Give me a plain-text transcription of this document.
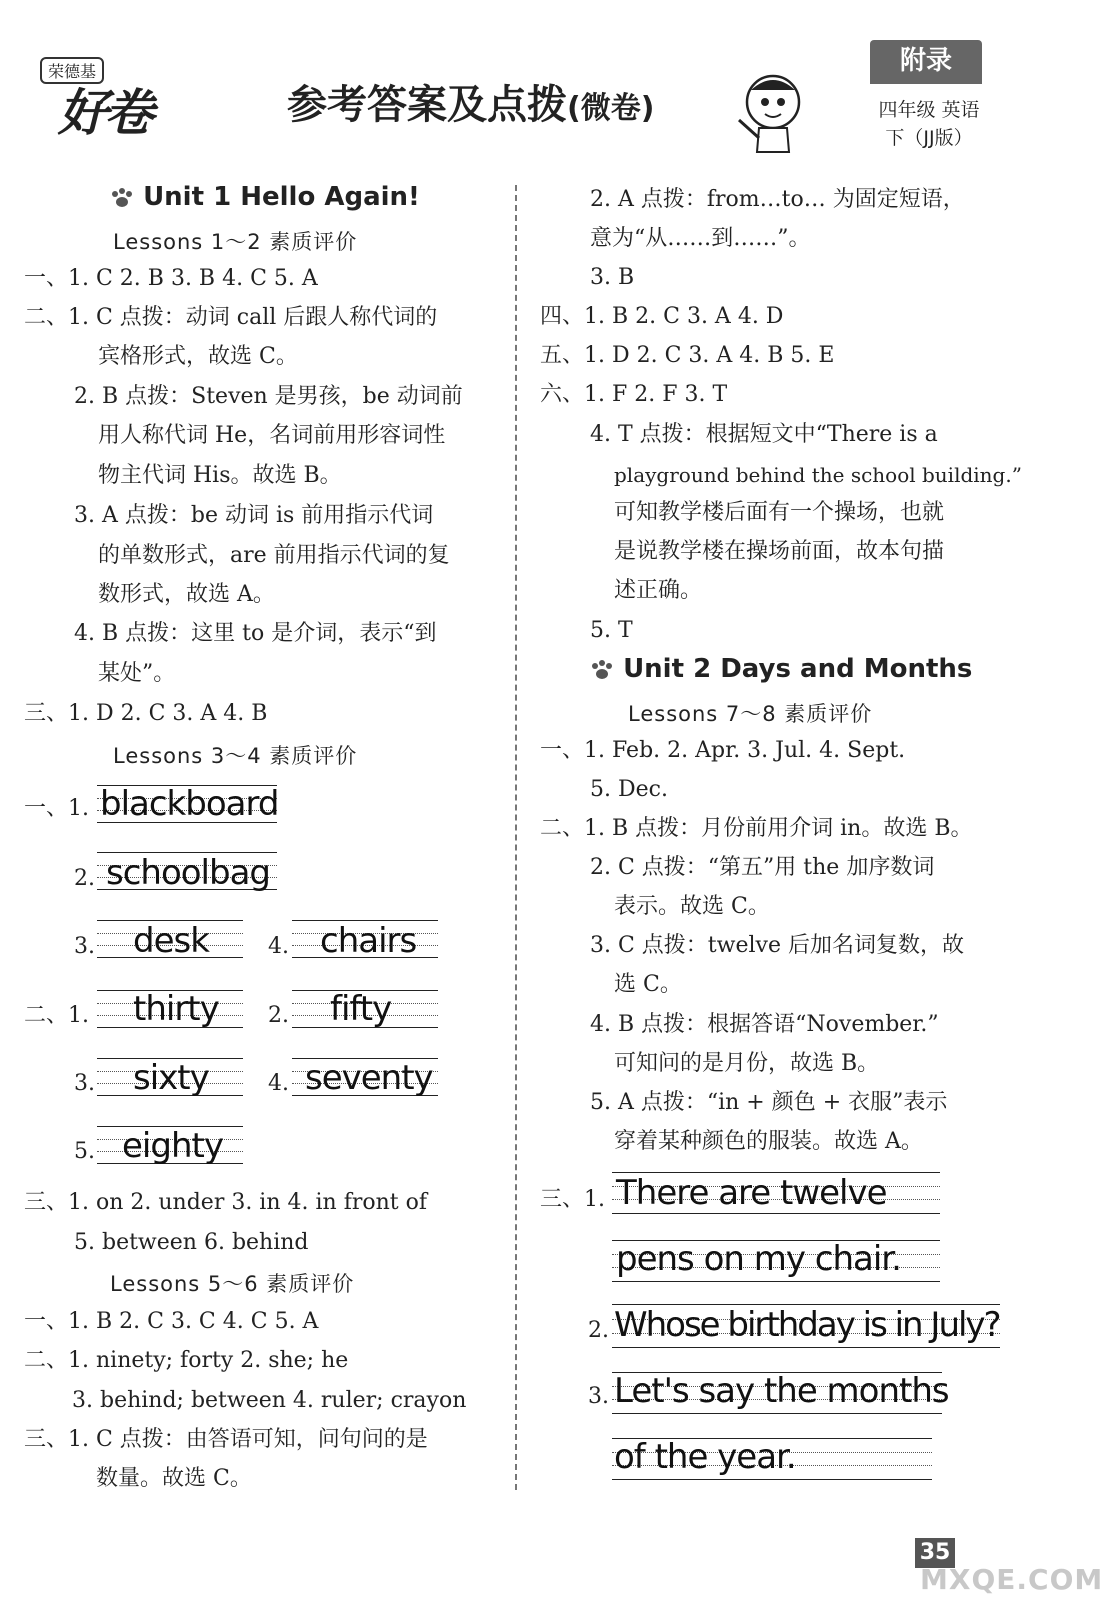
荣德基
好卷	参考答案及点拨(微卷)
附录
四年级 英语
下（JJ版）
Unit 1 Hello Again!
Lessons 1～2 素质评价
一、1. C 2. B 3. B 4. C 5. A
二、1. C 点拨：动词 call 后跟人称代词的
宾格形式，故选 C。
2. B 点拨：Steven 是男孩，be 动词前
用人称代词 He，名词前用形容词性
物主代词 His。故选 B。
3. A 点拨：be 动词 is 前用指示代词
的单数形式，are 前用指示代词的复
数形式，故选 A。
4. B 点拨：这里 to 是介词，表示“到
某处”。
三、1. D 2. C 3. A 4. B
Lessons 3～4 素质评价
一、1. blackboard
2. schoolbag
3. desk	4. chairs
二、1. thirty 2. fifty
3. sixty	4. seventy
5. eighty
三、1. on 2. under 3. in 4. in front of
5. between 6. behind
Lessons 5～6 素质评价
一、1. B 2. C 3. C 4. C 5. A
二、1. ninety; forty 2. she; he
3. behind; between 4. ruler; crayon
三、1. C 点拨：由答语可知，问句问的是
数量。故选 C。
2. A 点拨：from…to… 为固定短语，
意为“从……到……”。
3. B
四、1. B 2. C 3. A 4. D
五、1. D 2. C 3. A 4. B 5. E
六、1. F 2. F 3. T
4. T 点拨：根据短文中“There is a
playground behind the school building.”
可知教学楼后面有一个操场，也就
是说教学楼在操场前面，故本句描
述正确。
5. T
Unit 2 Days and Months
Lessons 7～8 素质评价
一、1. Feb. 2. Apr. 3. Jul. 4. Sept.
5. Dec.
二、1. B 点拨：月份前用介词 in。故选 B。
2. C 点拨：“第五”用 the 加序数词
表示。故选 C。
3. C 点拨：twelve 后加名词复数，故
选 C。
4. B 点拨：根据答语“November.”
可知问的是月份，故选 B。
5. A 点拨：“in + 颜色 + 衣服”表示
穿着某种颜色的服装。故选 A。
三、1. There are twelve
pens on my chair.
2. Whose birthday is in July?
3. Let's say the months
of the year.
35
MXQE.COM
